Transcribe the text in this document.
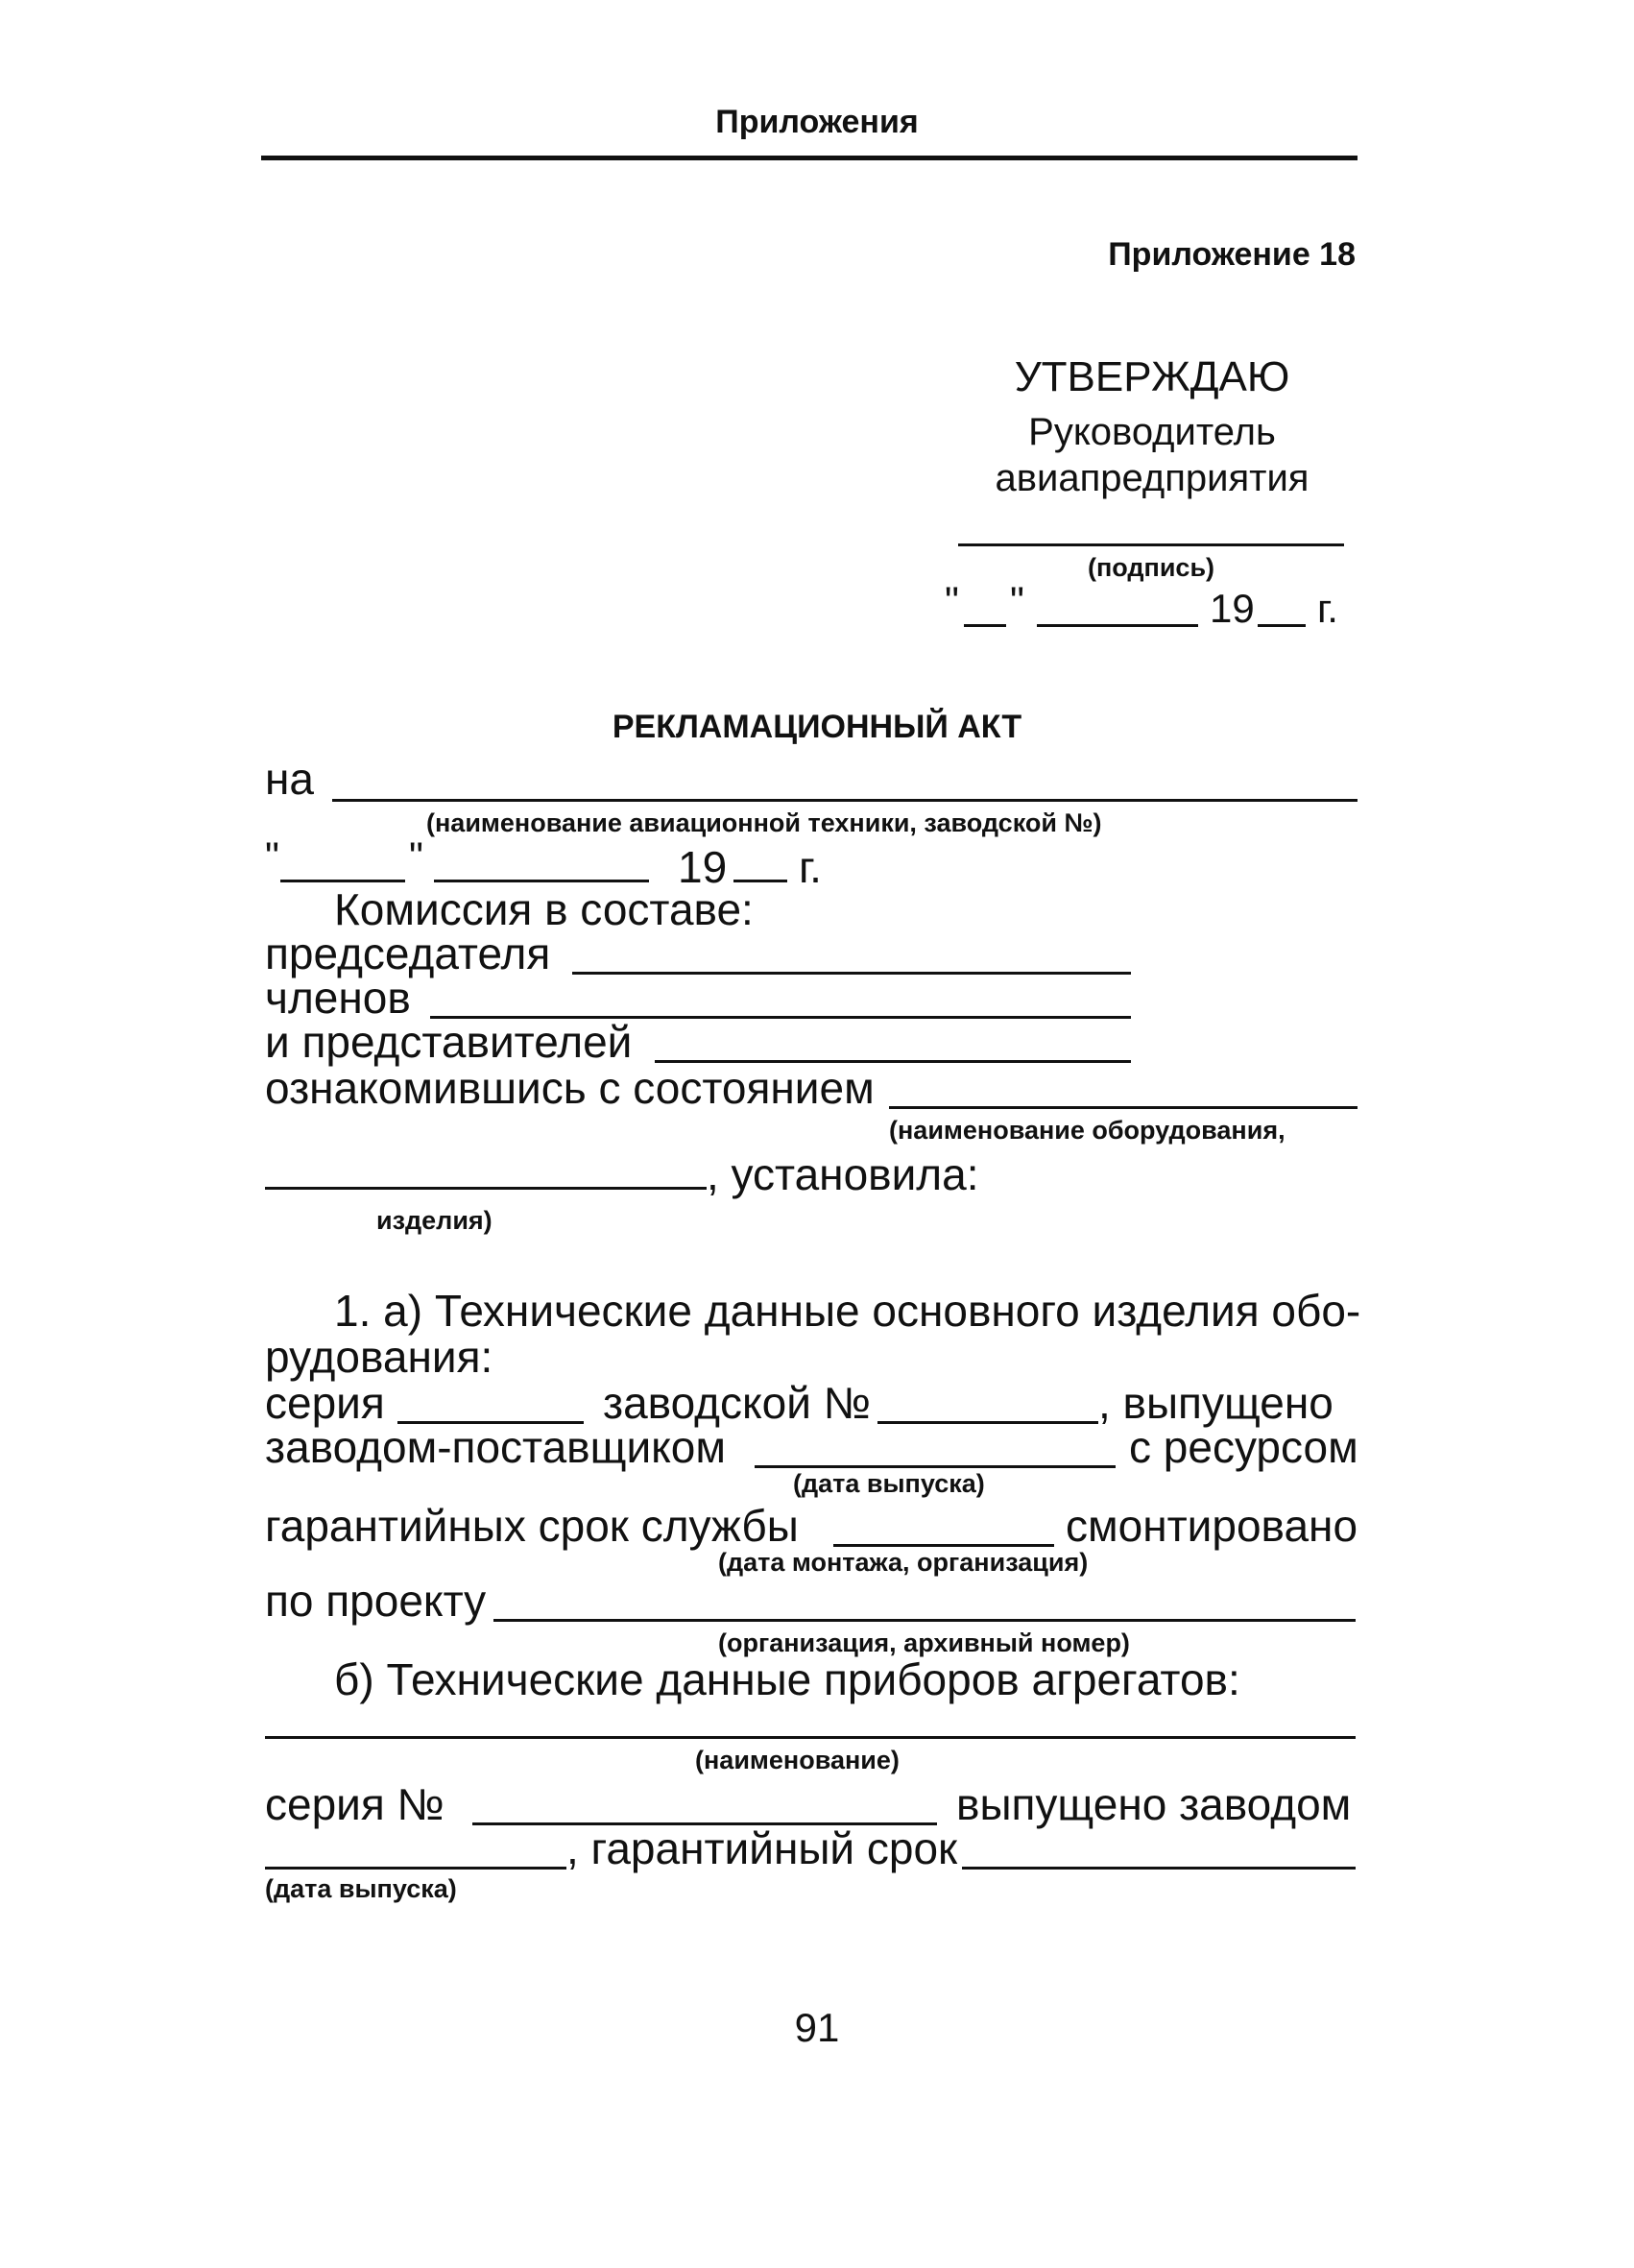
Приложения
Приложение 18
УТВЕРЖДАЮ
Руководитель
авиапредприятия
(подпись)
" "	19 г.
РЕКЛАМАЦИОННЫЙ АКТ
на
(наименование авиационной техники, заводской №)
"	"	19 г.
Комиссия в составе:
председателя
членов
и представителей
ознакомившись с состоянием
(наименование оборудования,
, установила:
изделия)
1. а) Технические данные основного изделия обо-
рудования:
серия	заводской №	, выпущено
заводом-поставщиком	с ресурсом
(дата выпуска)
гарантийных срок службы	смонтировано
(дата монтажа, организация)
по проекту
(организация, архивный номер)
б) Технические данные приборов агрегатов:
(наименование)
серия №	выпущено заводом
, гарантийный срок
(дата выпуска)
91
